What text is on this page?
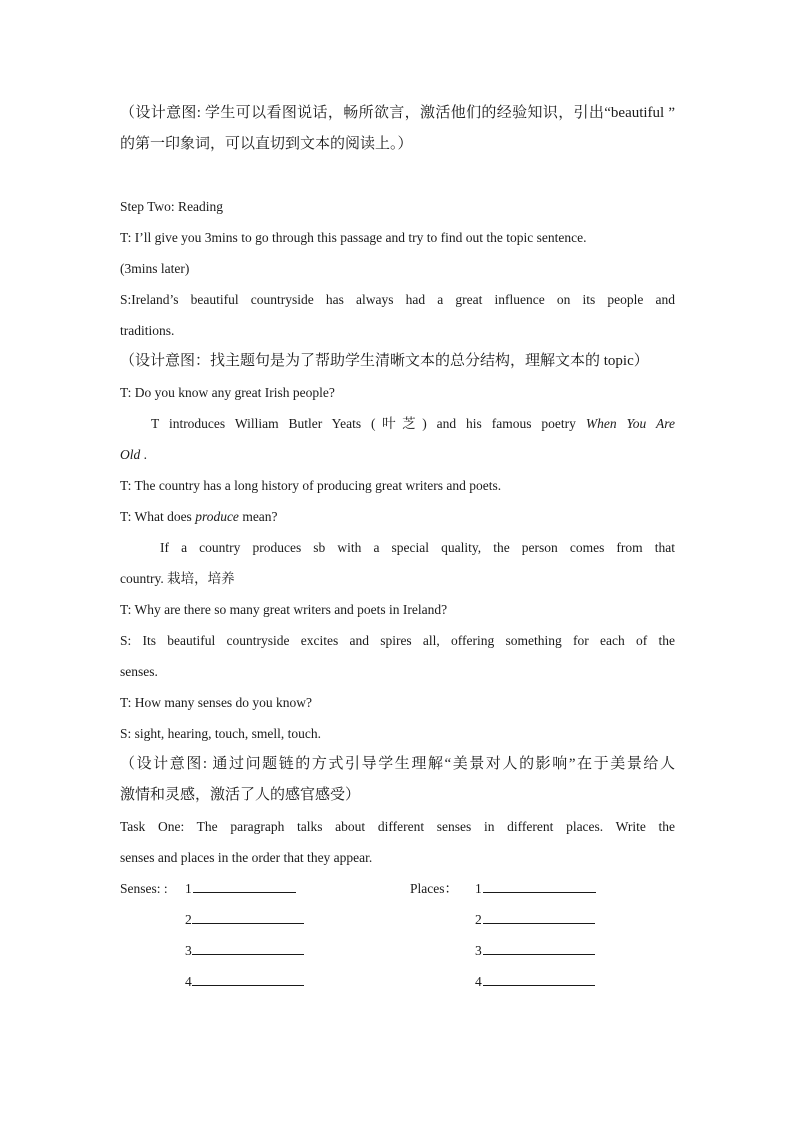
（设计意图: 学生可以看图说话，畅所欲言，激活他们的经验知识，引出“beautiful ”
的第一印象词，可以直切到文本的阅读上。）
Step Two: Reading
T: I’ll give you 3mins to go through this passage and try to find out the topic sentence.
(3mins later)
S:Ireland’s beautiful countryside has always had a great influence on its people and
traditions.
（设计意图：找主题句是为了帮助学生清晰文本的总分结构，理解文本的 topic）
T: Do you know any great Irish people?
T introduces William Butler Yeats (叶芝) and his famous poetry When You Are
Old .
T: The country has a long history of producing great writers and poets.
T: What does produce mean?
If a country produces sb with a special quality, the person comes from that
country. 栽培，培养
T: Why are there so many great writers and poets in Ireland?
S: Its beautiful countryside excites and spires all, offering something for each of the
senses.
T: How many senses do you know?
S: sight, hearing, touch, smell, touch.
（设计意图: 通过问题链的方式引导学生理解“美景对人的影响”在于美景给人
激情和灵感，激活了人的感官感受）
Task One: The paragraph talks about different senses in different places. Write the
senses and places in the order that they appear.
Senses: : 1	Places： 1
2	2
3	3
4	4
